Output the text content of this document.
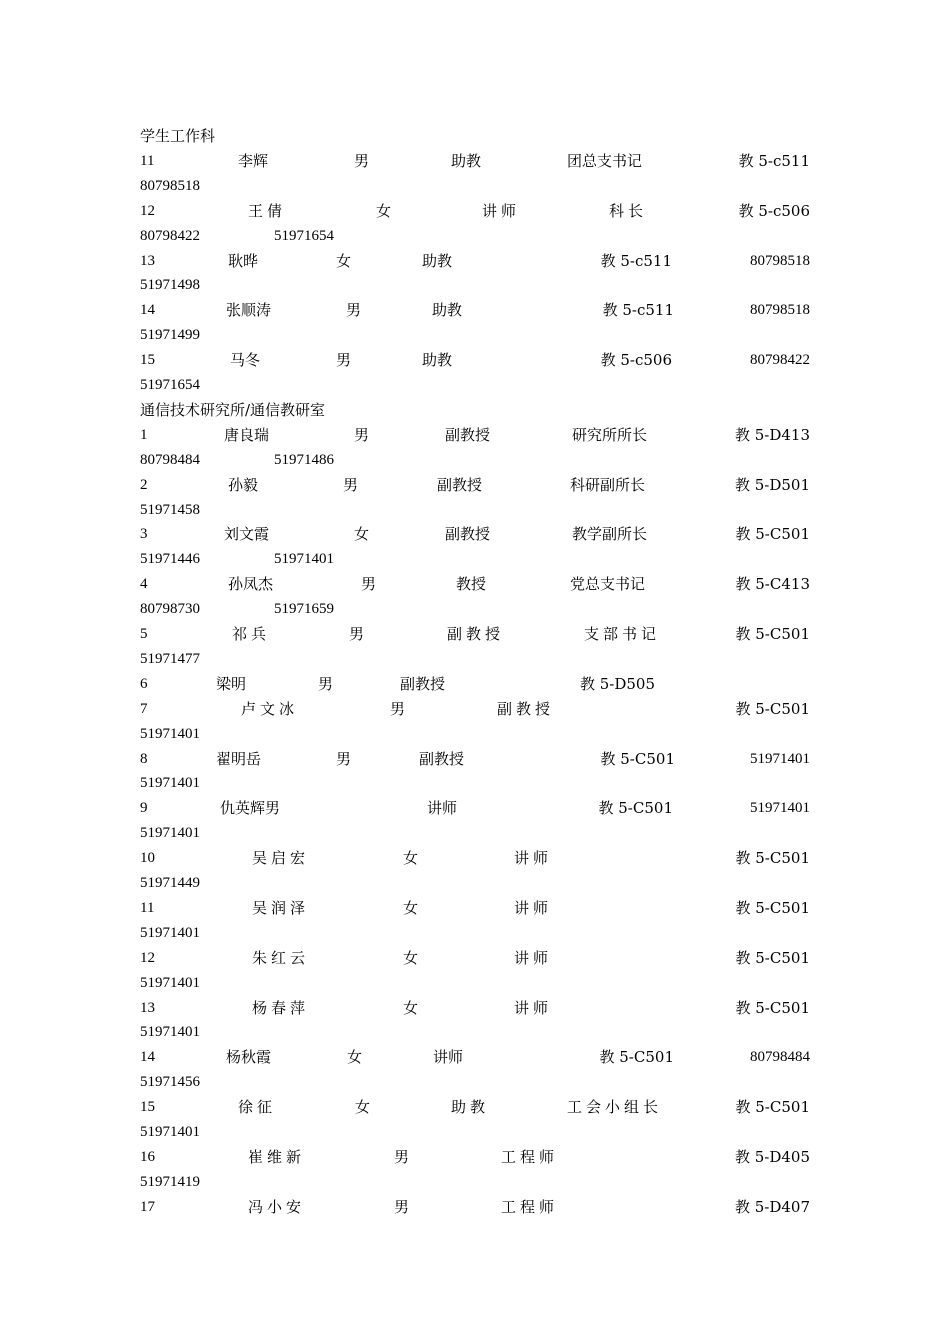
学生工作科
11	李辉	男	助教	团总支书记	教 5-c511
80798518
12	王倩	女	讲师	科长	教 5-c506
80798422	51971654
13	耿晔	女	助教	教 5-c511	80798518
51971498
14	张顺涛	男	助教	教 5-c511	80798518
51971499
15	马冬	男	助教	教 5-c506	80798422
51971654
通信技术研究所/通信教研室
1	唐良瑞	男	副教授	研究所所长	教 5-D413
80798484	51971486
2	孙毅	男	副教授	科研副所长	教 5-D501
51971458
3	刘文霞	女	副教授	教学副所长	教 5-C501
51971446	51971401
4	孙凤杰	男	教授	党总支书记	教 5-C413
80798730	51971659
5	祁兵	男	副教授	支部书记	教 5-C501
51971477
6	梁明	男	副教授	教 5-D505
7	卢文冰	男	副教授	教 5-C501
51971401
8	翟明岳	男	副教授	教 5-C501	51971401
51971401
9	仇英辉男	讲师	教 5-C501	51971401
51971401
10	吴启宏	女	讲师	教 5-C501
51971449
11	吴润泽	女	讲师	教 5-C501
51971401
12	朱红云	女	讲师	教 5-C501
51971401
13	杨春萍	女	讲师	教 5-C501
51971401
14	杨秋霞	女	讲师	教 5-C501	80798484
51971456
15	徐征	女	助教	工会小组长	教 5-C501
51971401
16	崔维新	男	工程师	教 5-D405
51971419
17	冯小安	男	工程师	教 5-D407
